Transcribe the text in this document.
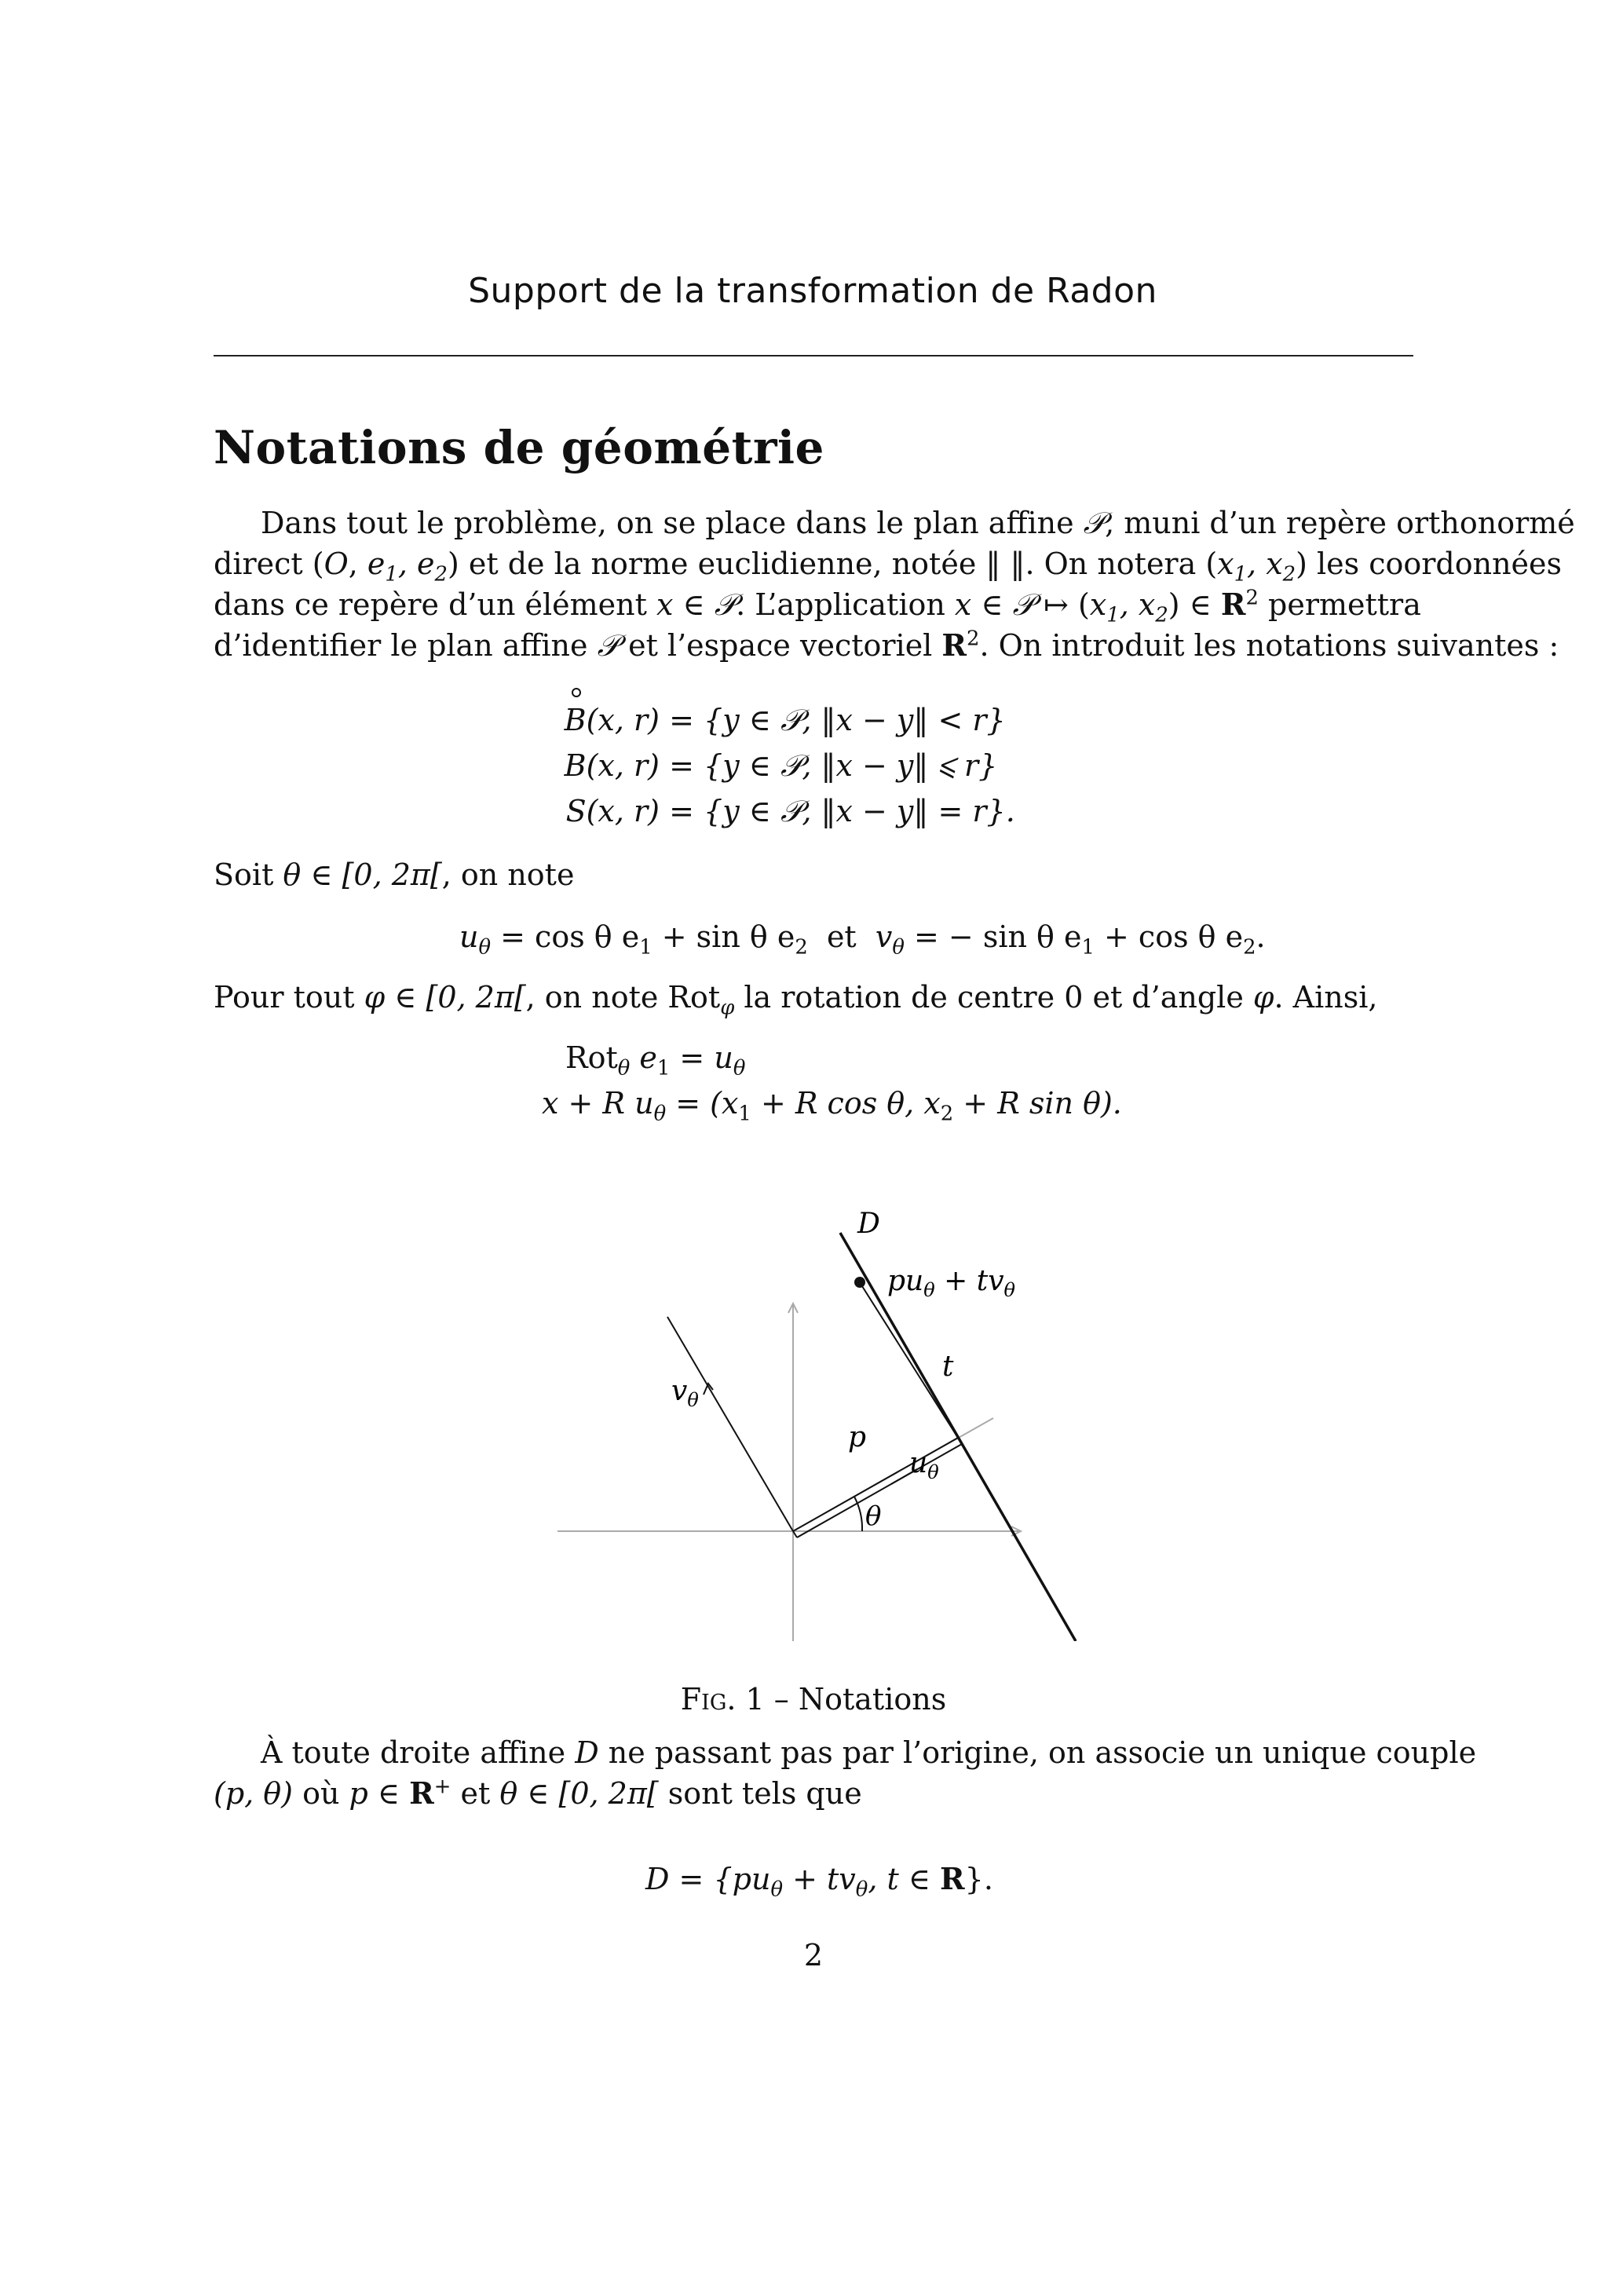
Support de la transformation de Radon
Notations de géométrie
Dans tout le problème, on se place dans le plan affine 𝒫, muni d’un repère orthonormé
direct (O, $e_1$, $e_2$) et de la norme euclidienne, notée ‖ ‖. On notera ($x_1$, $x_2$) les coordonnées
dans ce repère d’un élément x ∈ 𝒫. L’application x ∈ 𝒫 ↦ ($x_1$, $x_2$) ∈ $R^2$ permettra
d’identifier le plan affine 𝒫 et l’espace vectoriel $R^2$. On introduit les notations suivantes :
B(x, r) = {y ∈ 𝒫, ‖x − y‖ < r}
B(x, r) = {y ∈ 𝒫, ‖x − y‖ ⩽ r}
S(x, r) = {y ∈ 𝒫, ‖x − y‖ = r}.
Soit θ ∈ [0, 2π[, on note
$u_\theta = \cos \theta$ $e_1 + \sin \theta$ $e_2$ et $v_\theta$ = − sin θ $e_1 + \cos \theta$ $e_2$.
Pour tout φ ∈ [0, 2π[, on note Rot$_\varphi$ la rotation de centre 0 et d’angle φ. Ainsi,
Rot$_\theta$ $e_1 = u_\theta$
x + R $u_\theta = (x_1 + R$ cos θ, $x_2 + R$ sin θ).
D
$pu_\theta + tv_\theta$
t
$v_\theta$
p
$u_\theta$
θ
Fig. 1 – Notations
À toute droite affine D ne passant pas par l’origine, on associe un unique couple
(p, θ) où p ∈ R+ et θ ∈ [0, 2π[ sont tels que
$D = \{pu_\theta + tv_\theta$, t ∈ R}.
2
